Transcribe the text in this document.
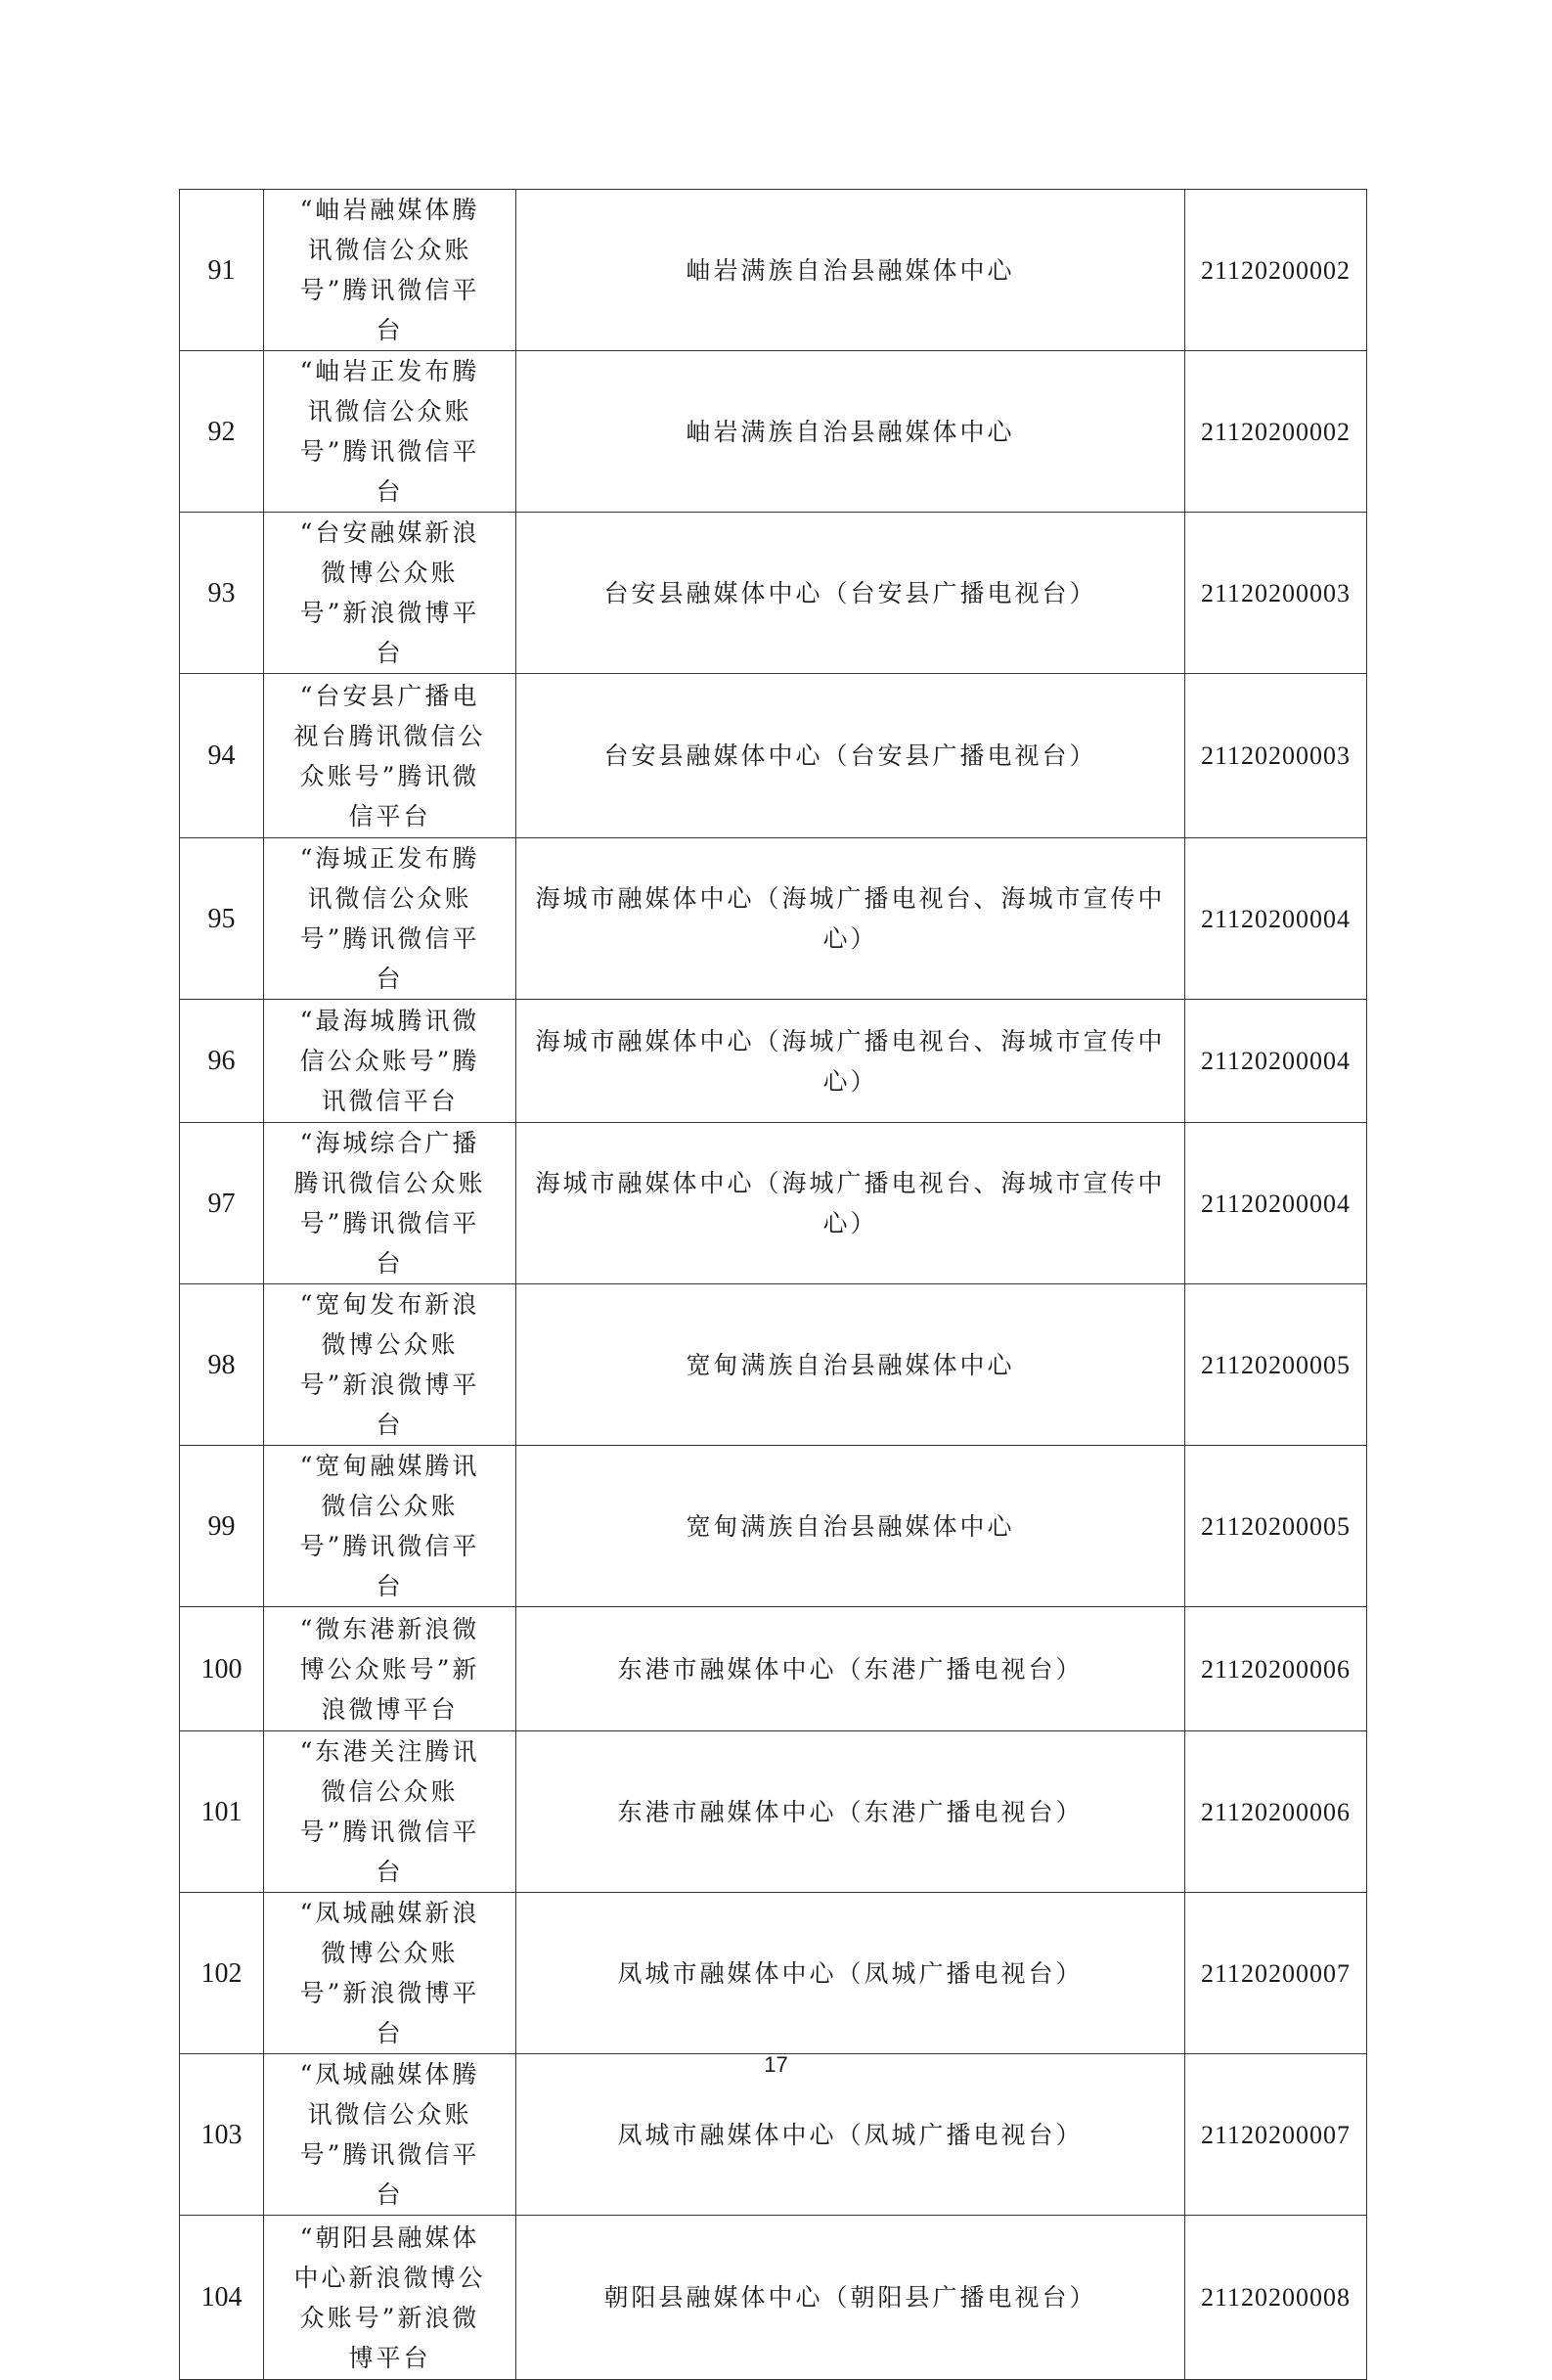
91	“岫岩融媒体腾讯微信公众账号”腾讯微信平台	岫岩满族自治县融媒体中心	21120200002
92	“岫岩正发布腾讯微信公众账号”腾讯微信平台	岫岩满族自治县融媒体中心	21120200002
93	“台安融媒新浪微博公众账号”新浪微博平台	台安县融媒体中心（台安县广播电视台）	21120200003
94	“台安县广播电视台腾讯微信公众账号”腾讯微信平台	台安县融媒体中心（台安县广播电视台）	21120200003
95	“海城正发布腾讯微信公众账号”腾讯微信平台	海城市融媒体中心（海城广播电视台、海城市宣传中心）	21120200004
96	“最海城腾讯微信公众账号”腾讯微信平台	海城市融媒体中心（海城广播电视台、海城市宣传中心）	21120200004
97	“海城综合广播腾讯微信公众账号”腾讯微信平台	海城市融媒体中心（海城广播电视台、海城市宣传中心）	21120200004
98	“宽甸发布新浪微博公众账号”新浪微博平台	宽甸满族自治县融媒体中心	21120200005
99	“宽甸融媒腾讯微信公众账号”腾讯微信平台	宽甸满族自治县融媒体中心	21120200005
100	“微东港新浪微博公众账号”新浪微博平台	东港市融媒体中心（东港广播电视台）	21120200006
101	“东港关注腾讯微信公众账号”腾讯微信平台	东港市融媒体中心（东港广播电视台）	21120200006
102	“凤城融媒新浪微博公众账号”新浪微博平台	凤城市融媒体中心（凤城广播电视台）	21120200007
103	“凤城融媒体腾讯微信公众账号”腾讯微信平台	凤城市融媒体中心（凤城广播电视台）	21120200007
104	“朝阳县融媒体中心新浪微博公众账号”新浪微博平台	朝阳县融媒体中心（朝阳县广播电视台）	21120200008
17
